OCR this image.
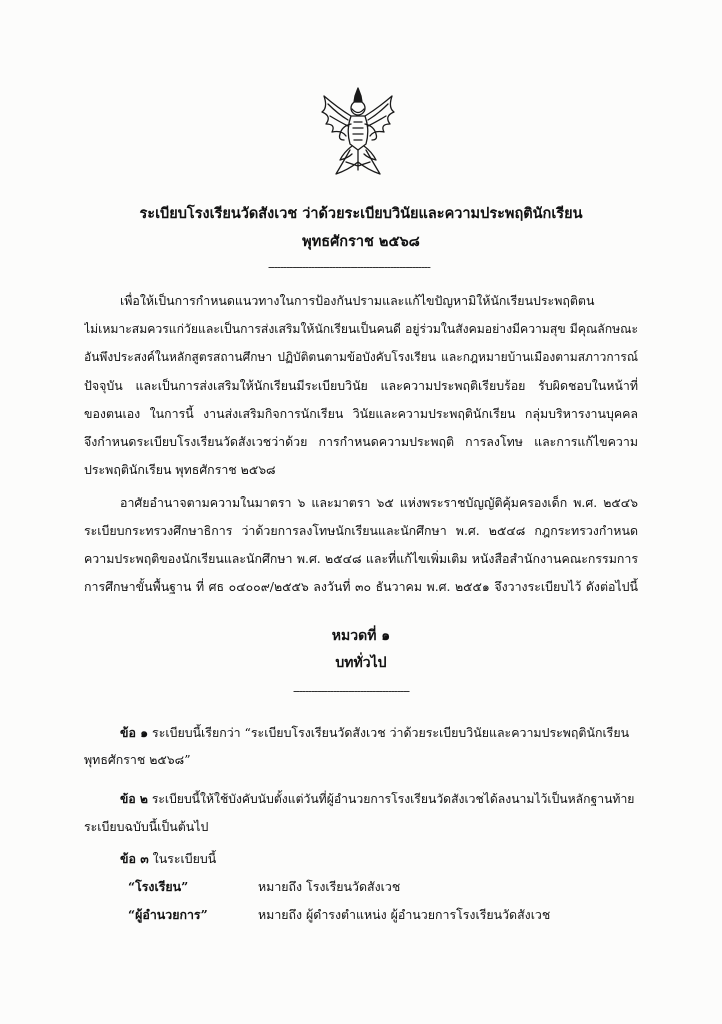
ระเบียบโรงเรียนวัดสังเวช ว่าด้วยระเบียบวินัยและความประพฤตินักเรียน
พุทธศักราช ๒๕๖๘
-----------------------------------------------------
เพื่อให้เป็นการกำหนดแนวทางในการป้องกันปรามและแก้ไขปัญหามิให้นักเรียนประพฤติตน
ไม่เหมาะสมควรแก่วัยและเป็นการส่งเสริมให้นักเรียนเป็นคนดี อยู่ร่วมในสังคมอย่างมีความสุข มีคุณลักษณะ
อันพึงประสงค์ในหลักสูตรสถานศึกษา ปฏิบัติตนตามข้อบังคับโรงเรียน และกฎหมายบ้านเมืองตามสภาวการณ์
ปัจจุบัน และเป็นการส่งเสริมให้นักเรียนมีระเบียบวินัย และความประพฤติเรียบร้อย รับผิดชอบในหน้าที่
ของตนเอง ในการนี้ งานส่งเสริมกิจการนักเรียน วินัยและความประพฤตินักเรียน กลุ่มบริหารงานบุคคล
จึงกำหนดระเบียบโรงเรียนวัดสังเวชว่าด้วย การกำหนดความประพฤติ การลงโทษ และการแก้ไขความ
ประพฤตินักเรียน พุทธศักราช ๒๕๖๘
อาศัยอำนาจตามความในมาตรา ๖ และมาตรา ๖๕ แห่งพระราชบัญญัติคุ้มครองเด็ก พ.ศ. ๒๕๔๖
ระเบียบกระทรวงศึกษาธิการ ว่าด้วยการลงโทษนักเรียนและนักศึกษา พ.ศ. ๒๕๔๘ กฎกระทรวงกำหนด
ความประพฤติของนักเรียนและนักศึกษา พ.ศ. ๒๕๔๘ และที่แก้ไขเพิ่มเติม หนังสือสำนักงานคณะกรรมการ
การศึกษาขั้นพื้นฐาน ที่ ศธ ๐๔๐๐๙/๒๕๕๖ ลงวันที่ ๓๐ ธันวาคม พ.ศ. ๒๕๕๑ จึงวางระเบียบไว้ ดังต่อไปนี้
หมวดที่ ๑
บททั่วไป
--------------------------------------
ข้อ ๑ ระเบียบนี้เรียกว่า “ระเบียบโรงเรียนวัดสังเวช ว่าด้วยระเบียบวินัยและความประพฤตินักเรียน
พุทธศักราช ๒๕๖๘”
ข้อ ๒ ระเบียบนี้ให้ใช้บังคับนับตั้งแต่วันที่ผู้อำนวยการโรงเรียนวัดสังเวชได้ลงนามไว้เป็นหลักฐานท้าย
ระเบียบฉบับนี้เป็นต้นไป
ข้อ ๓ ในระเบียบนี้
“โรงเรียน”	หมายถึง โรงเรียนวัดสังเวช
“ผู้อำนวยการ”	หมายถึง ผู้ดำรงตำแหน่ง ผู้อำนวยการโรงเรียนวัดสังเวช
